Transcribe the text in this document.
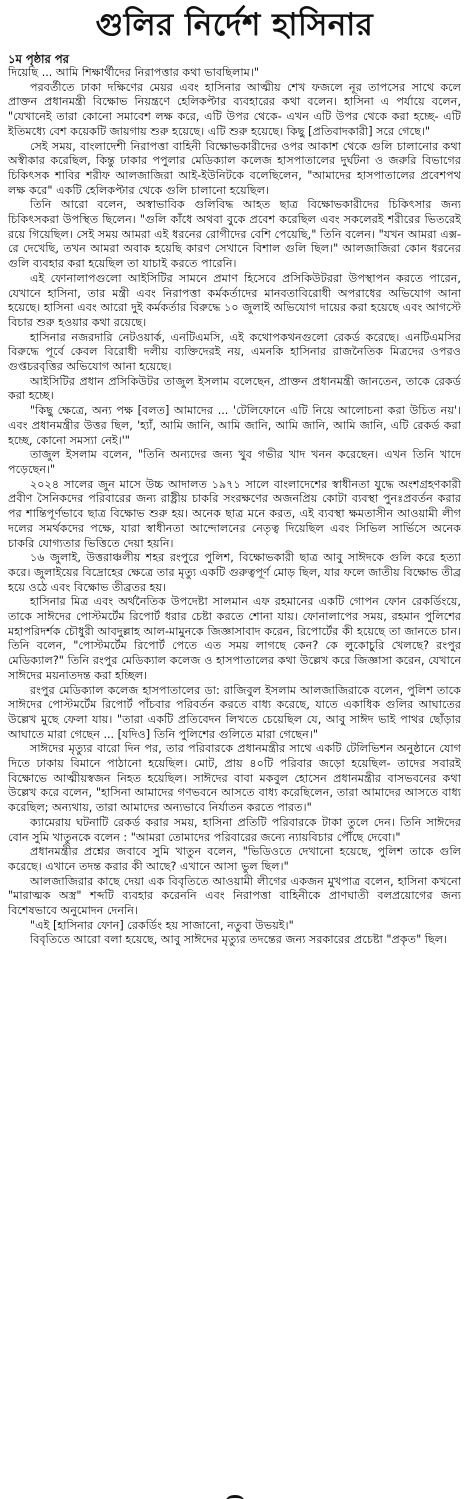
গুলির নির্দেশ হাসিনার

১ম পৃষ্ঠার পর

দিয়েছি ... আমি শিক্ষার্থীদের নিরাপত্তার কথা ভাবছিলাম।"

পরবর্তীতে ঢাকা দক্ষিণের মেয়র এবং হাসিনার আত্মীয় শেখ ফজলে নূর তাপসের সাথে কলে প্রাক্তন প্রধানমন্ত্রী বিক্ষোভ নিয়ন্ত্রণে হেলিকপ্টার ব্যবহারের কথা বলেন। হাসিনা এ পর্যায়ে বলেন, "যেখানেই তারা কোনো সমাবেশ লক্ষ করে, এটি উপর থেকে- এখন এটি উপর থেকে করা হচ্ছে- এটি ইতিমধ্যে বেশ কয়েকটি জায়গায় শুরু হয়েছে। এটি শুরু হয়েছে। কিছু [প্রতিবাদকারী] সরে গেছে।"

সেই সময়, বাংলাদেশী নিরাপত্তা বাহিনী বিক্ষোভকারীদের ওপর আকাশ থেকে গুলি চালানোর কথা অস্বীকার করেছিল, কিন্তু ঢাকার পপুলার মেডিক্যাল কলেজ হাসপাতালের দুর্ঘটনা ও জরুরি বিভাগের চিকিৎসক শাবির শরীফ আলজাজিরা আই-ইউনিটকে বলেছিলেন, "আমাদের হাসপাতালের প্রবেশপথ লক্ষ করে" একটি হেলিকপ্টার থেকে গুলি চালানো হয়েছিল।

তিনি আরো বলেন, অস্বাভাবিক গুলিবিদ্ধ আহত ছাত্র বিক্ষোভকারীদের চিকিৎসার জন্য চিকিৎসকরা উপস্থিত ছিলেন। "গুলি কাঁধে অথবা বুকে প্রবেশ করেছিল এবং সকলেরই শরীরের ভিতরেই রয়ে গিয়েছিল। সেই সময় আমরা এই ধরনের রোগীদের বেশি পেয়েছি," তিনি বলেন। "যখন আমরা এক্স-রে দেখেছি, তখন আমরা অবাক হয়েছি কারণ সেখানে বিশাল গুলি ছিল।" আলজাজিরা কোন ধরনের গুলি ব্যবহার করা হয়েছিল তা যাচাই করতে পারেনি।

এই ফোনালাপগুলো আইসিটির সামনে প্রমাণ হিসেবে প্রসিকিউটররা উপস্থাপন করতে পারেন, যেখানে হাসিনা, তার মন্ত্রী এবং নিরাপত্তা কর্মকর্তাদের মানবতাবিরোধী অপরাধের অভিযোগ আনা হয়েছে। হাসিনা এবং আরো দুই কর্মকর্তার বিরুদ্ধে ১০ জুলাই অভিযোগ দায়ের করা হয়েছে এবং আগস্টে বিচার শুরু হওয়ার কথা রয়েছে।

হাসিনার নজরদারি নেটওয়ার্ক, এনটিএমসি, এই কথোপকথনগুলো রেকর্ড করেছে। এনটিএমসির বিরুদ্ধে পূর্বে কেবল বিরোধী দলীয় ব্যক্তিদেরই নয়, এমনকি হাসিনার রাজনৈতিক মিত্রদের ওপরও গুপ্তচরবৃত্তির অভিযোগ আনা হয়েছে।

আইসিটির প্রধান প্রসিকিউটর তাজুল ইসলাম বলেছেন, প্রাক্তন প্রধানমন্ত্রী জানতেন, তাকে রেকর্ড করা হচ্ছে।

"কিছু ক্ষেত্রে, অন্য পক্ষ [বলত] আমাদের ... 'টেলিফোনে এটি নিয়ে আলোচনা করা উচিত নয়'। এবং প্রধানমন্ত্রীর উত্তর ছিল, 'হ্যাঁ, আমি জানি, আমি জানি, আমি জানি, আমি জানি, এটি রেকর্ড করা হচ্ছে, কোনো সমস্যা নেই।'"

তাজুল ইসলাম বলেন, "তিনি অন্যদের জন্য খুব গভীর খাদ খনন করেছেন। এখন তিনি খাদে পড়েছেন।"

২০২৪ সালের জুন মাসে উচ্চ আদালত ১৯৭১ সালে বাংলাদেশের স্বাধীনতা যুদ্ধে অংশগ্রহণকারী প্রবীণ সৈনিকদের পরিবারের জন্য রাষ্ট্রীয় চাকরি সংরক্ষণের অজনপ্রিয় কোটা ব্যবস্থা পুনঃপ্রবর্তন করার পর শান্তিপূর্ণভাবে ছাত্র বিক্ষোভ শুরু হয়। অনেক ছাত্র মনে করত, এই ব্যবস্থা ক্ষমতাসীন আওয়ামী লীগ দলের সমর্থকদের পক্ষে, যারা স্বাধীনতা আন্দোলনের নেতৃত্ব দিয়েছিল এবং সিভিল সার্ভিসে অনেক চাকরি যোগ্যতার ভিত্তিতে দেয়া হয়নি।

১৬ জুলাই, উত্তরাঞ্চলীয় শহর রংপুরে পুলিশ, বিক্ষোভকারী ছাত্র আবু সাঈদকে গুলি করে হত্যা করে। জুলাইয়ের বিদ্রোহের ক্ষেত্রে তার মৃত্যু একটি গুরুত্বপূর্ণ মোড় ছিল, যার ফলে জাতীয় বিক্ষোভ তীব্র হয়ে ওঠে এবং বিক্ষোভ তীব্রতর হয়।

হাসিনার মিত্র এবং অর্থনৈতিক উপদেষ্টা সালমান এফ রহমানের একটি গোপন ফোন রেকর্ডিংয়ে, তাকে সাঈদের পোস্টমর্টেম রিপোর্ট ধরার চেষ্টা করতে শোনা যায়। ফোনালাপের সময়, রহমান পুলিশের মহাপরিদর্শক চৌধুরী আবদুল্লাহ আল-মামুনকে জিজ্ঞাসাবাদ করেন, রিপোর্টের কী হয়েছে তা জানতে চান। তিনি বলেন, "পোস্টমর্টেম রিপোর্ট পেতে এত সময় লাগছে কেন? কে লুকোচুরি খেলছে? রংপুর মেডিক্যাল?" তিনি রংপুর মেডিক্যাল কলেজ ও হাসপাতালের কথা উল্লেখ করে জিজ্ঞাসা করেন, যেখানে সাঈদের ময়নাতদন্ত করা হচ্ছিল।

রংপুর মেডিক্যাল কলেজ হাসপাতালের ডা: রাজিবুল ইসলাম আলজাজিরাকে বলেন, পুলিশ তাকে সাঈদের পোস্টমর্টেম রিপোর্ট পাঁচবার পরিবর্তন করতে বাধ্য করেছে, যাতে একাধিক গুলির আঘাতের উল্লেখ মুছে ফেলা যায়। "তারা একটি প্রতিবেদন লিখতে চেয়েছিল যে, আবু সাঈদ ভাই পাথর ছোঁড়ার আঘাতে মারা গেছেন ... [যদিও] তিনি পুলিশের গুলিতে মারা গেছেন।"

সাঈদের মৃত্যুর বারো দিন পর, তার পরিবারকে প্রধানমন্ত্রীর সাথে একটি টেলিভিশন অনুষ্ঠানে যোগ দিতে ঢাকায় বিমানে পাঠানো হয়েছিল। মোট, প্রায় ৪০টি পরিবার জড়ো হয়েছিল- তাদের সবারই বিক্ষোভে আত্মীয়স্বজন নিহত হয়েছিল। সাঈদের বাবা মকবুল হোসেন প্রধানমন্ত্রীর বাসভবনের কথা উল্লেখ করে বলেন, "হাসিনা আমাদের গণভবনে আসতে বাধ্য করেছিলেন, তারা আমাদের আসতে বাধ্য করেছিল; অন্যথায়, তারা আমাদের অন্যভাবে নির্যাতন করতে পারত।"

ক্যামেরায় ঘটনাটি রেকর্ড করার সময়, হাসিনা প্রতিটি পরিবারকে টাকা তুলে দেন। তিনি সাঈদের বোন সুমি খাতুনকে বলেন : "আমরা তোমাদের পরিবারের জন্যে ন্যায়বিচার পৌঁছে দেবো।"

প্রধানমন্ত্রীর প্রশ্নের জবাবে সুমি খাতুন বলেন, "ভিডিওতে দেখানো হয়েছে, পুলিশ তাকে গুলি করেছে। এখানে তদন্ত করার কী আছে? এখানে আসা ভুল ছিল।"

আলজাজিরার কাছে দেয়া এক বিবৃতিতে আওয়ামী লীগের একজন মুখপাত্র বলেন, হাসিনা কখনো "মারাত্মক অস্ত্র" শব্দটি ব্যবহার করেননি এবং নিরাপত্তা বাহিনীকে প্রাণঘাতী বলপ্রয়োগের জন্য বিশেষভাবে অনুমোদন দেননি।

"এই [হাসিনার ফোন] রেকর্ডিং হয় সাজানো, নতুবা উভয়ই।"

বিবৃতিতে আরো বলা হয়েছে, আবু সাঈদের মৃত্যুর তদন্তের জন্য সরকারের প্রচেষ্টা "প্রকৃত" ছিল।
